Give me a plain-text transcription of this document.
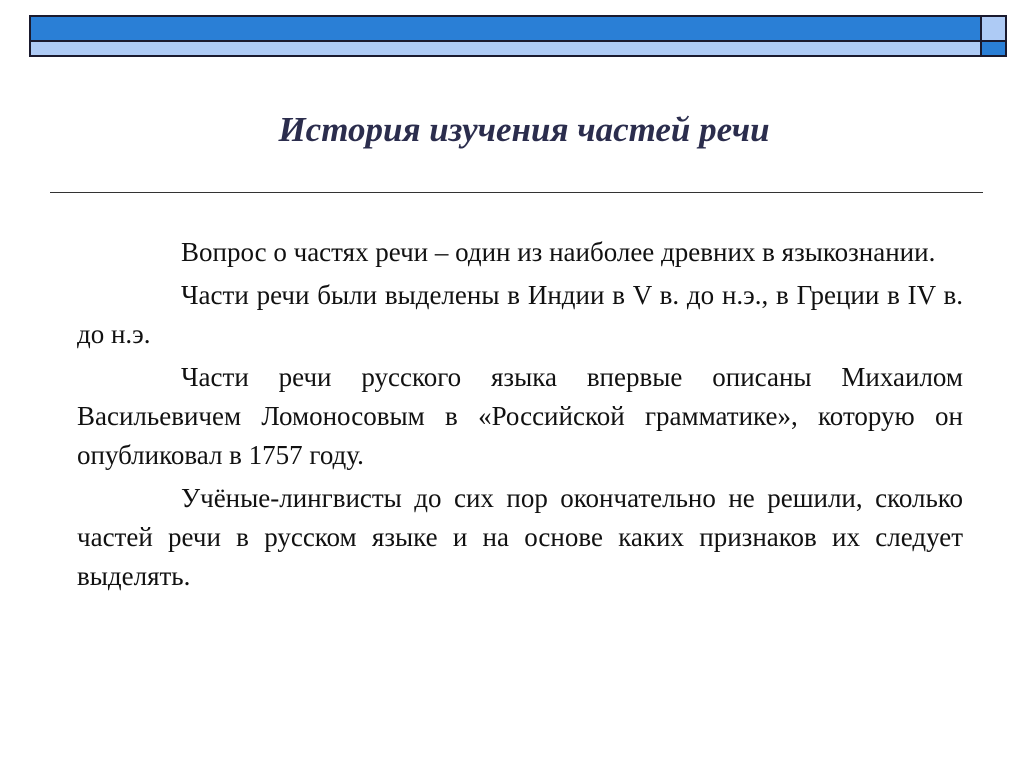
История изучения частей речи

Вопрос о частях речи – один из наиболее древних в языкознании.

Части речи были выделены в Индии в V в. до н.э., в Греции в IV в. до н.э.

Части речи русского языка впервые описаны Михаилом Васильевичем Ломоносовым в «Российской грамматике», которую он опубликовал в 1757 году.

Учёные-лингвисты до сих пор окончательно не решили, сколько частей речи в русском языке и на основе каких признаков их следует выделять.
